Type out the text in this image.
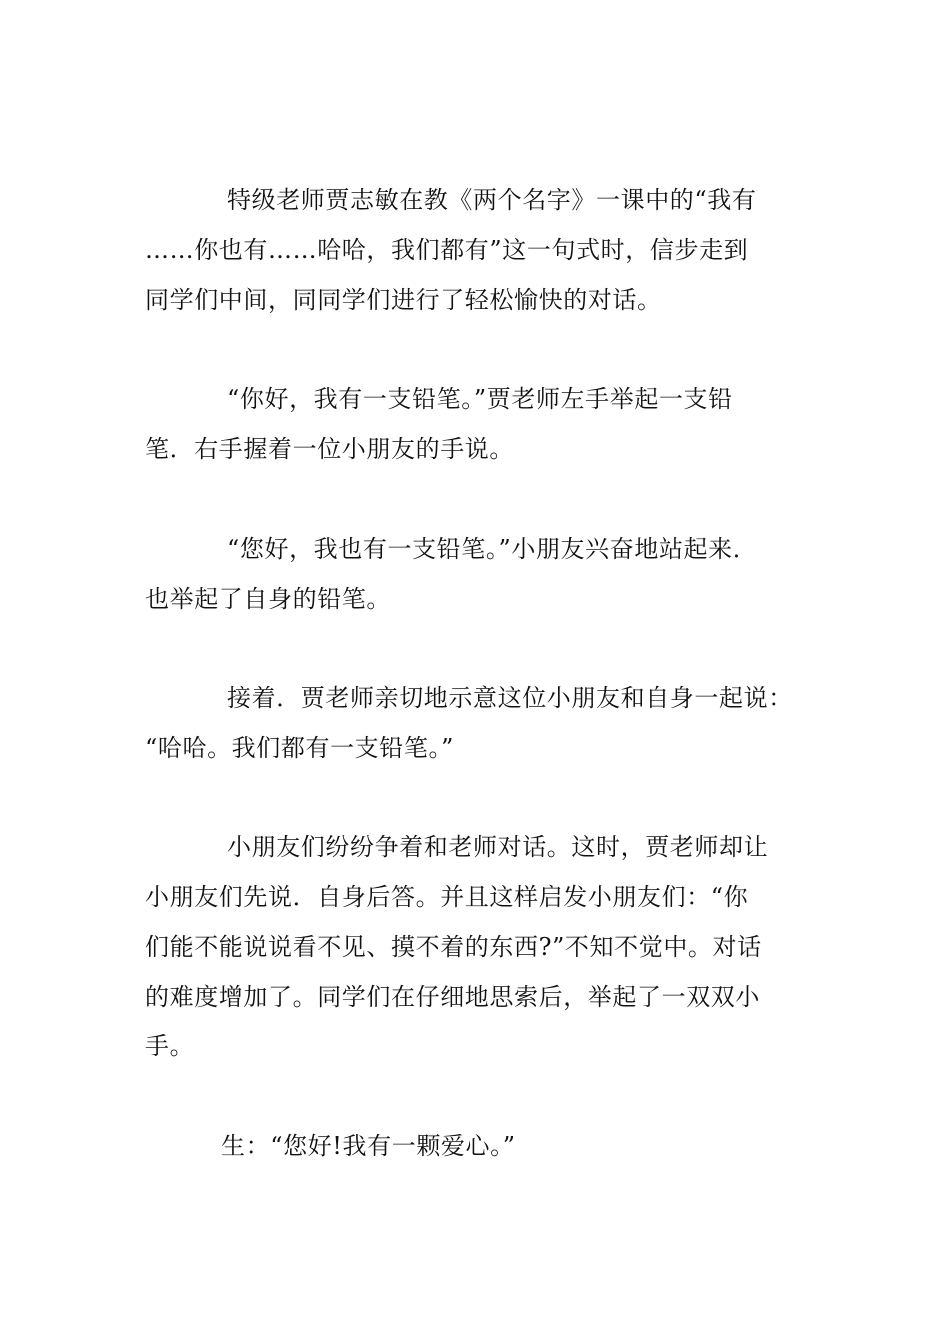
特级老师贾志敏在教《两个名字》一课中的“我有
……你也有……哈哈，我们都有”这一句式时，信步走到
同学们中间，同同学们进行了轻松愉快的对话。
“你好，我有一支铅笔。”贾老师左手举起一支铅
笔．右手握着一位小朋友的手说。
“您好，我也有一支铅笔。”小朋友兴奋地站起来．
也举起了自身的铅笔。
接着．贾老师亲切地示意这位小朋友和自身一起说：
“哈哈。我们都有一支铅笔。”
小朋友们纷纷争着和老师对话。这时，贾老师却让
小朋友们先说．自身后答。并且这样启发小朋友们：“你
们能不能说说看不见、摸不着的东西?”不知不觉中。对话
的难度增加了。同学们在仔细地思索后，举起了一双双小
手。
生：“您好!我有一颗爱心。”
